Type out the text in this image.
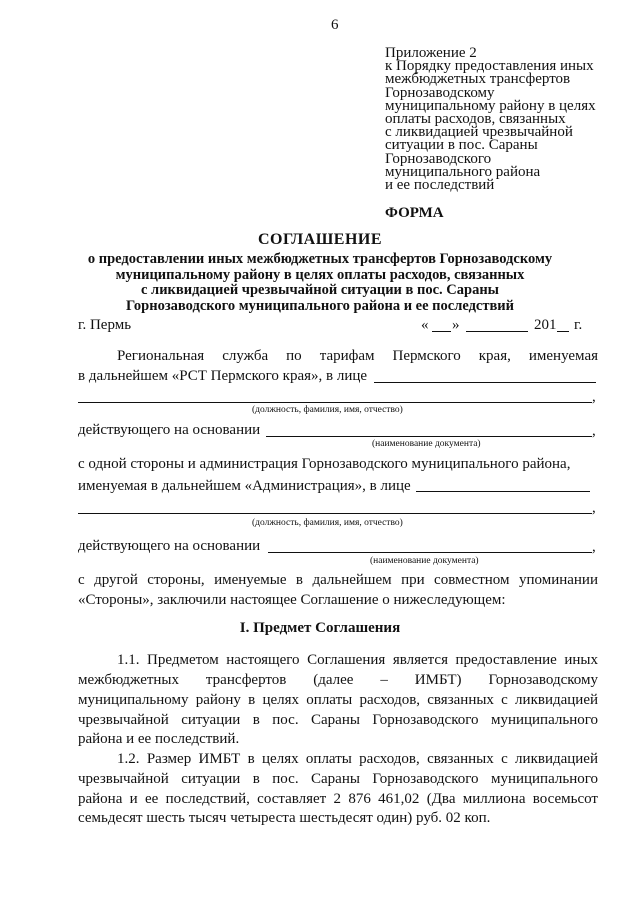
6
Приложение 2
к Порядку предоставления иных
межбюджетных трансфертов
Горнозаводскому
муниципальному району в целях
оплаты расходов, связанных
с ликвидацией чрезвычайной
ситуации в пос. Сараны
Горнозаводского
муниципального района
и ее последствий
ФОРМА
СОГЛАШЕНИЕ
о предоставлении иных межбюджетных трансфертов Горнозаводскому
муниципальному району в целях оплаты расходов, связанных
с ликвидацией чрезвычайной ситуации в пос. Сараны
Горнозаводского муниципального района и ее последствий
г. Пермь	« »	201 г.
Региональная служба по тарифам Пермского края, именуемая
в дальнейшем «РСТ Пермского края», в лице
,
(должность, фамилия, имя, отчество)
действующего на основании	,
(наименование документа)
с одной стороны и администрация Горнозаводского муниципального района,
именуемая в дальнейшем «Администрация», в лице
,
(должность, фамилия, имя, отчество)
действующего на основании	,
(наименование документа)
с другой стороны, именуемые в дальнейшем при совместном упоминании
«Стороны», заключили настоящее Соглашение о нижеследующем:
I. Предмет Соглашения
1.1. Предметом настоящего Соглашения является предоставление иных
межбюджетных трансфертов (далее – ИМБТ) Горнозаводскому
муниципальному району в целях оплаты расходов, связанных с ликвидацией
чрезвычайной ситуации в пос. Сараны Горнозаводского муниципального
района и ее последствий.
1.2. Размер ИМБТ в целях оплаты расходов, связанных с ликвидацией
чрезвычайной ситуации в пос. Сараны Горнозаводского муниципального
района и ее последствий, составляет 2 876 461,02 (Два миллиона восемьсот
семьдесят шесть тысяч четыреста шестьдесят один) руб. 02 коп.
